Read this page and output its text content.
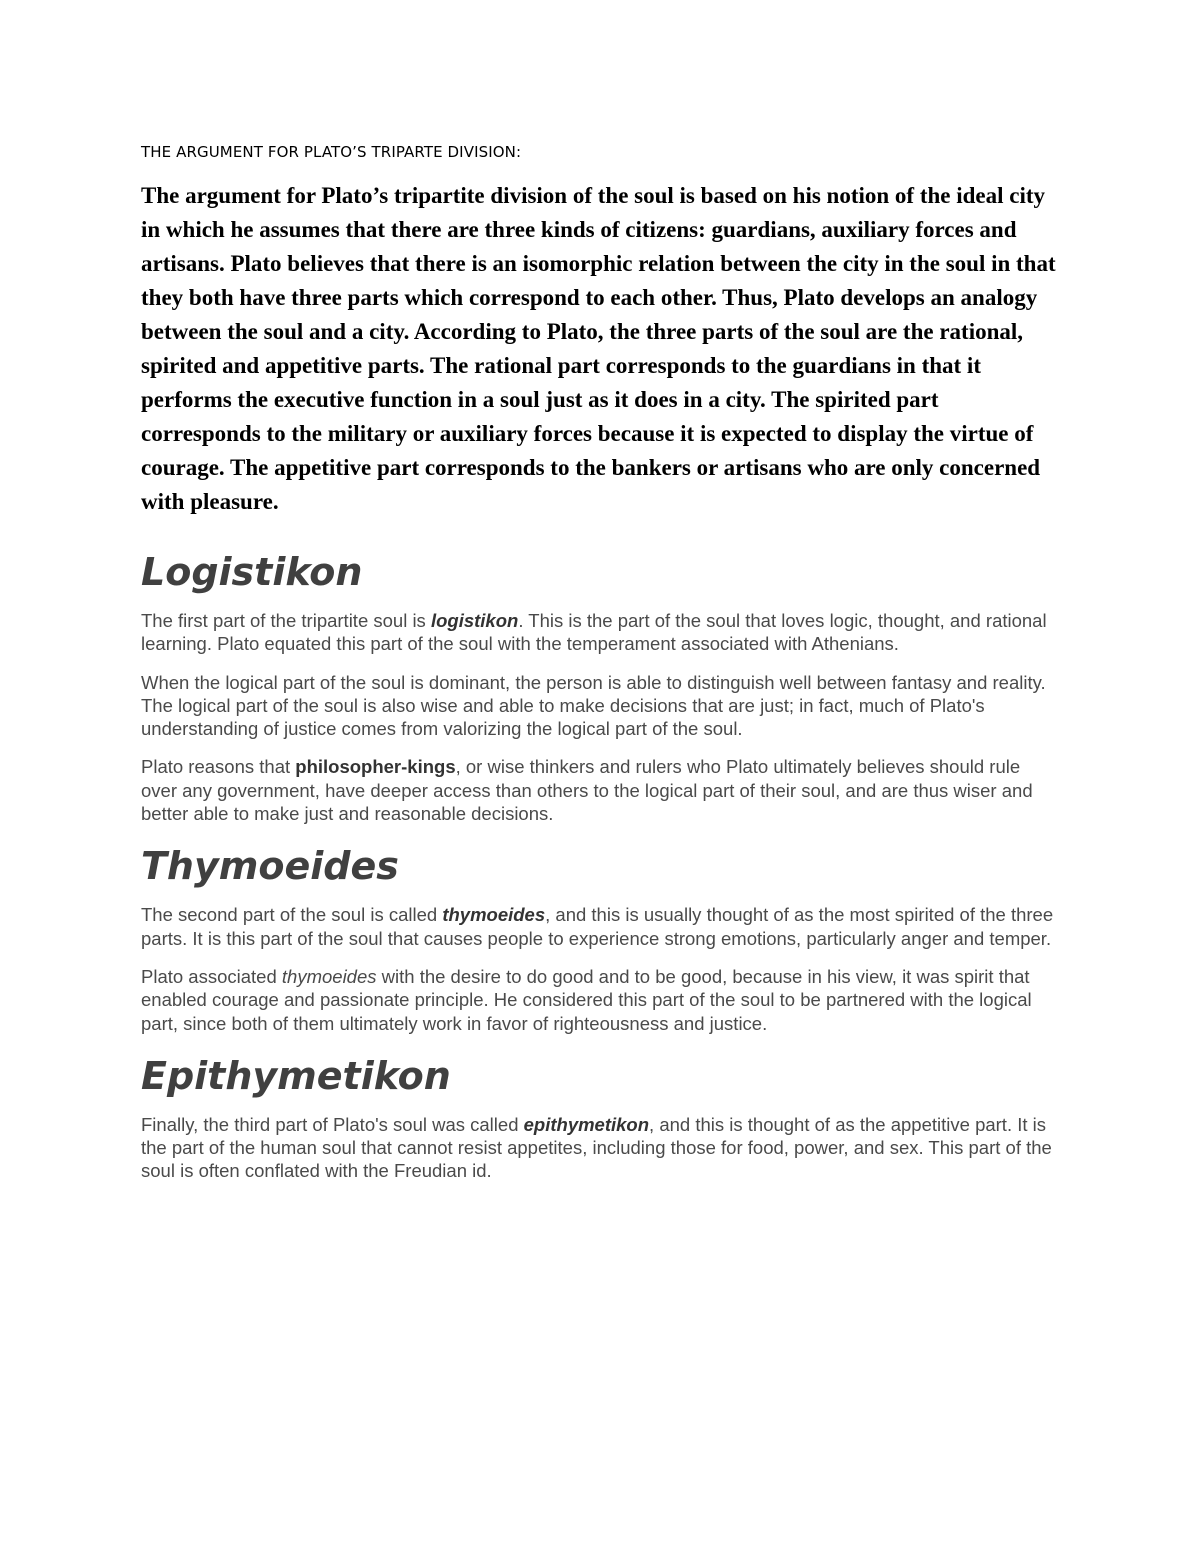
THE ARGUMENT FOR PLATO’S TRIPARTE DIVISION:

The argument for Plato’s tripartite division of the soul is based on his notion of the ideal city in which he assumes that there are three kinds of citizens: guardians, auxiliary forces and artisans. Plato believes that there is an isomorphic relation between the city in the soul in that they both have three parts which correspond to each other. Thus, Plato develops an analogy between the soul and a city. According to Plato, the three parts of the soul are the rational, spirited and appetitive parts. The rational part corresponds to the guardians in that it performs the executive function in a soul just as it does in a city. The spirited part corresponds to the military or auxiliary forces because it is expected to display the virtue of courage. The appetitive part corresponds to the bankers or artisans who are only concerned with pleasure.

Logistikon

The first part of the tripartite soul is logistikon. This is the part of the soul that loves logic, thought, and rational learning. Plato equated this part of the soul with the temperament associated with Athenians.

When the logical part of the soul is dominant, the person is able to distinguish well between fantasy and reality. The logical part of the soul is also wise and able to make decisions that are just; in fact, much of Plato's understanding of justice comes from valorizing the logical part of the soul.

Plato reasons that philosopher-kings, or wise thinkers and rulers who Plato ultimately believes should rule over any government, have deeper access than others to the logical part of their soul, and are thus wiser and better able to make just and reasonable decisions.

Thymoeides

The second part of the soul is called thymoeides, and this is usually thought of as the most spirited of the three parts. It is this part of the soul that causes people to experience strong emotions, particularly anger and temper.

Plato associated thymoeides with the desire to do good and to be good, because in his view, it was spirit that enabled courage and passionate principle. He considered this part of the soul to be partnered with the logical part, since both of them ultimately work in favor of righteousness and justice.

Epithymetikon

Finally, the third part of Plato's soul was called epithymetikon, and this is thought of as the appetitive part. It is the part of the human soul that cannot resist appetites, including those for food, power, and sex. This part of the soul is often conflated with the Freudian id.
